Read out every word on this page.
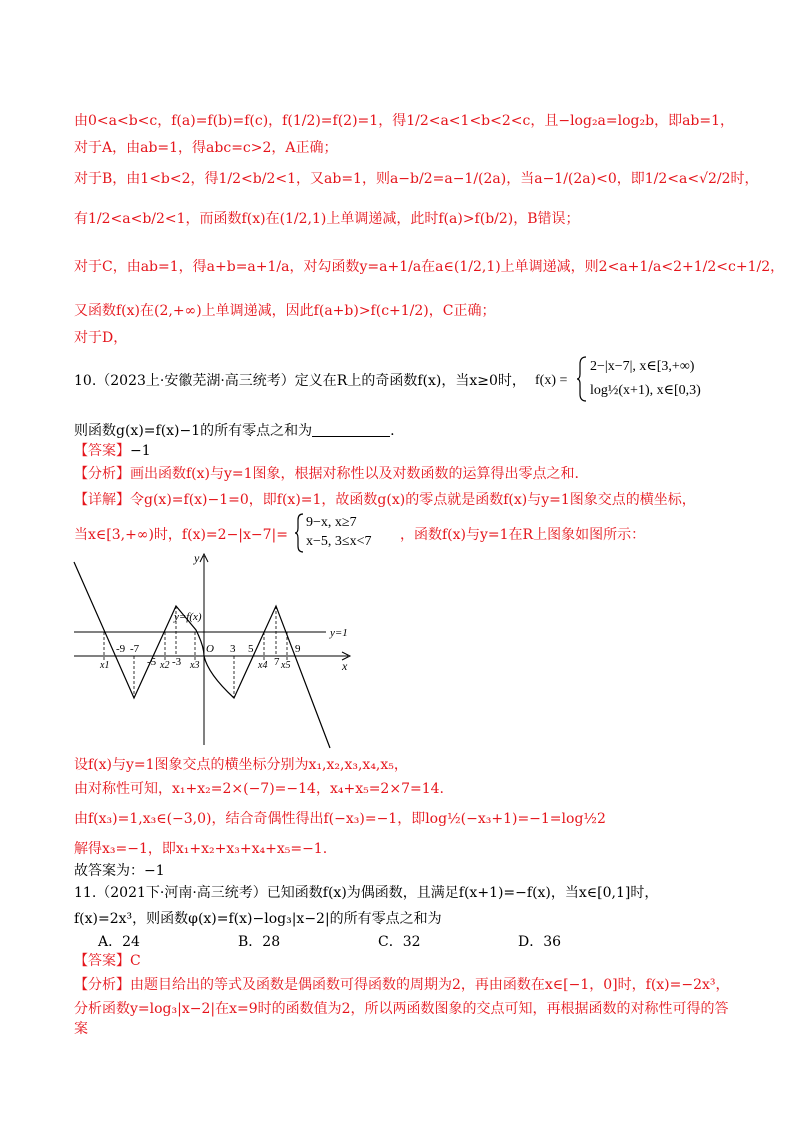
由0<a<b<c，f(a)=f(b)=f(c)，f(1/2)=f(2)=1，得1/2<a<1<b<2<c，且−log₂a=log₂b，即ab=1，
对于A，由ab=1，得abc=c>2，A正确；
对于B，由1<b<2，得1/2<b/2<1，又ab=1，则a−b/2=a−1/(2a)，当a−1/(2a)<0，即1/2<a<√2/2时，
有1/2<a<b/2<1，而函数f(x)在(1/2,1)上单调递减，此时f(a)>f(b/2)，B错误；
对于C，由ab=1，得a+b=a+1/a，对勾函数y=a+1/a在a∈(1/2,1)上单调递减，则2<a+1/a<2+1/2<c+1/2，
又函数f(x)在(2,+∞)上单调递减，因此f(a+b)>f(c+1/2)，C正确；
对于D，
10.（2023上·安徽芜湖·高三统考）定义在R上的奇函数f(x)，当x≥0时， f(x) =
2−|x−7|, x∈[3,+∞)
log½(x+1), x∈[0,3)
则函数g(x)=f(x)−1的所有零点之和为	.
【答案】−1
【分析】画出函数f(x)与y=1图象，根据对称性以及对数函数的运算得出零点之和.
【详解】令g(x)=f(x)−1=0，即f(x)=1，故函数g(x)的零点就是函数f(x)与y=1图象交点的横坐标，
当x∈[3,+∞)时，f(x)=2−|x−7|=
9−x, x≥7
x−5, 3≤x<7	，函数f(x)与y=1在R上图象如图所示：
y
x
O
y=f(x)
y=1
-9 -7
-5 -3
3 5
7
9
x1	x2 x3	x4 x5
设f(x)与y=1图象交点的横坐标分别为x₁,x₂,x₃,x₄,x₅，
由对称性可知，x₁+x₂=2×(−7)=−14，x₄+x₅=2×7=14.
由f(x₃)=1,x₃∈(−3,0)，结合奇偶性得出f(−x₃)=−1，即log½(−x₃+1)=−1=log½2
解得x₃=−1，即x₁+x₂+x₃+x₄+x₅=−1.
故答案为：−1
11.（2021下·河南·高三统考）已知函数f(x)为偶函数，且满足f(x+1)=−f(x)，当x∈[0,1]时，
f(x)=2x³，则函数φ(x)=f(x)−log₃|x−2|的所有零点之和为
A．24	B．28	C．32	D．36
【答案】C
【分析】由题目给出的等式及函数是偶函数可得函数的周期为2，再由函数在x∈[−1，0]时，f(x)=−2x³，
分析函数y=log₃|x−2|在x=9时的函数值为2，所以两函数图象的交点可知，再根据函数的对称性可得的答
案
